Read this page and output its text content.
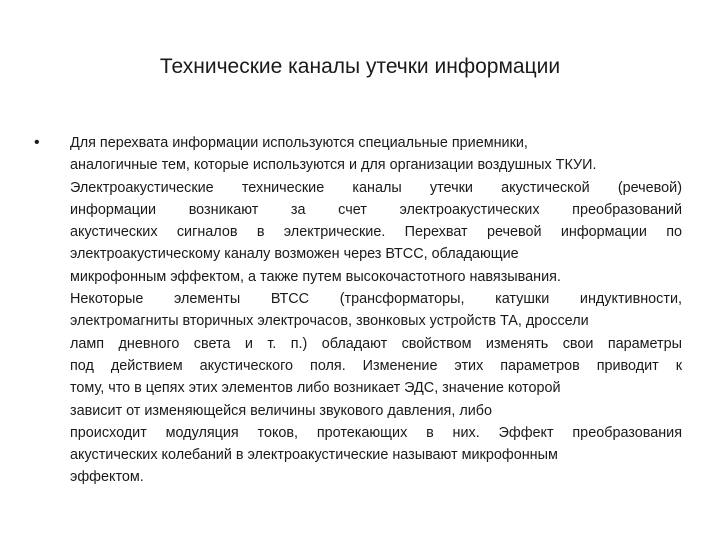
Технические каналы утечки информации
• Для перехвата информации используются специальные приемники,
аналогичные тем, которые используются и для организации воздушных ТКУИ.
Электроакустические технические каналы утечки акустической (речевой)
информации возникают за счет электроакустических преобразований
акустических сигналов в электрические. Перехват речевой информации по
электроакустическому каналу возможен через ВТСС, обладающие
микрофонным эффектом, а также путем высокочастотного навязывания.
Некоторые элементы ВТСС (трансформаторы, катушки индуктивности,
электромагниты вторичных электрочасов, звонковых устройств ТА, дроссели
ламп дневного света и т. п.) обладают свойством изменять свои параметры
под действием акустического поля. Изменение этих параметров приводит к
тому, что в цепях этих элементов либо возникает ЭДС, значение которой
зависит от изменяющейся величины звукового давления, либо
происходит модуляция токов, протекающих в них. Эффект преобразования
акустических колебаний в электроакустические называют микрофонным
эффектом.
